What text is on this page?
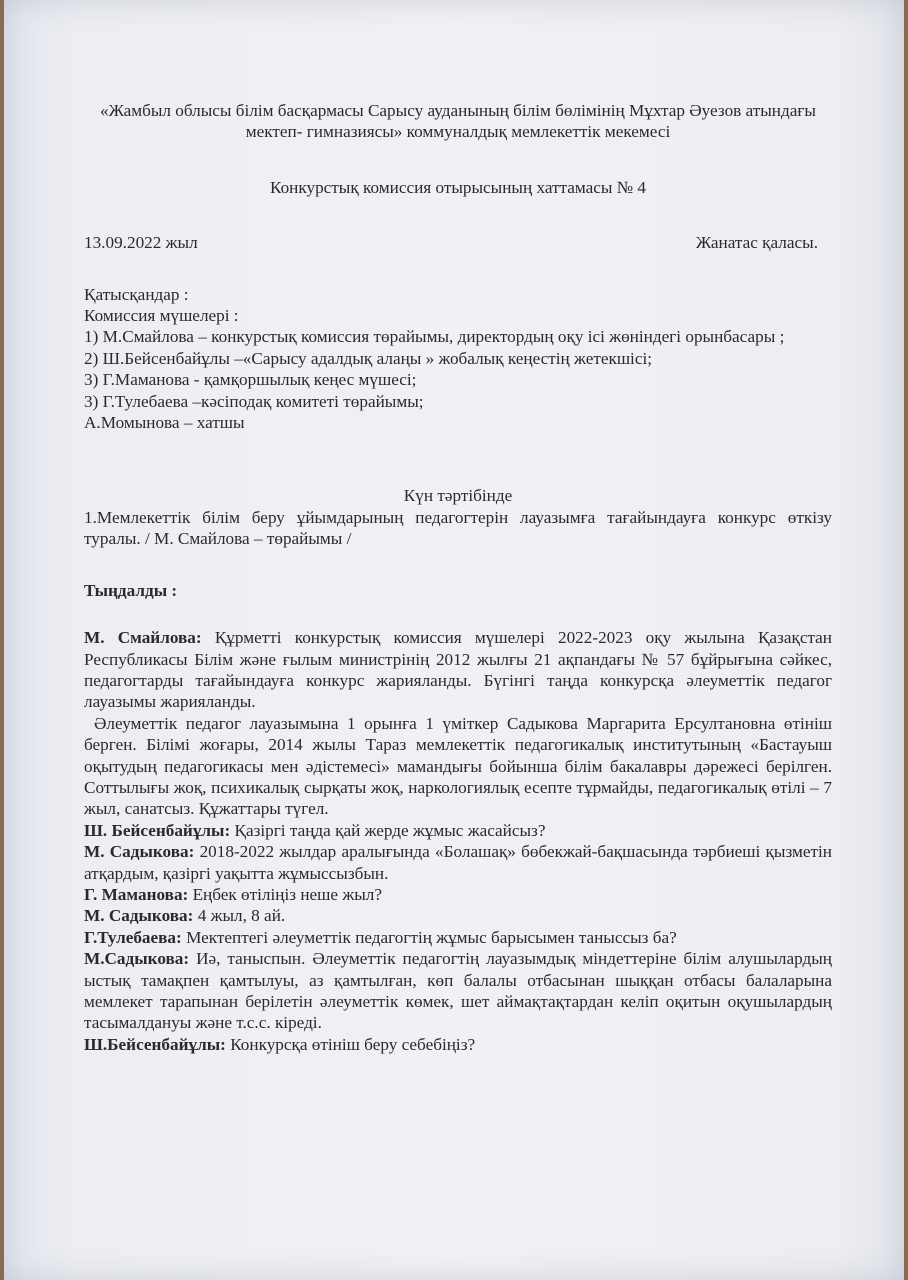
«Жамбыл облысы білім басқармасы Сарысу ауданының білім бөлімінің Мұхтар Әуезов атындағы мектеп- гимназиясы» коммуналдық мемлекеттік мекемесі

Конкурстық комиссия отырысының хаттамасы № 4
13.09.2022 жыл	Жанатас қаласы.
Қатысқандар :
Комиссия мүшелері :
1) М.Смайлова – конкурстық комиссия төрайымы, директордың оқу ісі жөніндегі орынбасары ;
2) Ш.Бейсенбайұлы –«Сарысу адалдық алаңы » жобалық кеңестің жетекшісі;
3) Г.Маманова - қамқоршылық кеңес мүшесі;
3) Г.Тулебаева –кәсіподақ комитеті төрайымы;
А.Момынова – хатшы
Күн тәртібінде
1.Мемлекеттік білім беру ұйымдарының педагогтерін лауазымға тағайындауға конкурс өткізу туралы. / М. Смайлова – төрайымы /
Тыңдалды :

М. Смайлова: Құрметті конкурстық комиссия мүшелері 2022-2023 оқу жылына Қазақстан Республикасы Білім және ғылым министрінің 2012 жылғы 21 ақпандағы № 57 бұйрығына сәйкес, педагогтарды тағайындауға конкурс жарияланды. Бүгінгі таңда конкурсқа әлеуметтік педагог лауазымы жарияланды.

Әлеуметтік педагог лауазымына 1 орынға 1 үміткер Садыкова Маргарита Ерсултановна өтініш берген. Білімі жоғары, 2014 жылы Тараз мемлекеттік педагогикалық институтының «Бастауыш оқытудың педагогикасы мен әдістемесі» мамандығы бойынша білім бакалавры дәрежесі берілген. Соттылығы жоқ, психикалық сырқаты жоқ, наркологиялық есепте тұрмайды, педагогикалық өтілі – 7 жыл, санатсыз. Құжаттары түгел.

Ш. Бейсенбайұлы: Қазіргі таңда қай жерде жұмыс жасайсыз?

М. Садыкова: 2018-2022 жылдар аралығында «Болашақ» бөбекжай-бақшасында тәрбиеші қызметін атқардым, қазіргі уақытта жұмыссызбын.

Г. Маманова: Еңбек өтіліңіз неше жыл?

М. Садыкова: 4 жыл, 8 ай.

Г.Тулебаева: Мектептегі әлеуметтік педагогтің жұмыс барысымен таныссыз ба?

М.Садыкова: Иә, таныспын. Әлеуметтік педагогтің лауазымдық міндеттеріне білім алушылардың ыстық тамақпен қамтылуы, аз қамтылған, көп балалы отбасынан шыққан отбасы балаларына мемлекет тарапынан берілетін әлеуметтік көмек, шет аймақтақтардан келіп оқитын оқушылардың тасымалдануы және т.с.с. кіреді.

Ш.Бейсенбайұлы: Конкурсқа өтініш беру себебіңіз?
